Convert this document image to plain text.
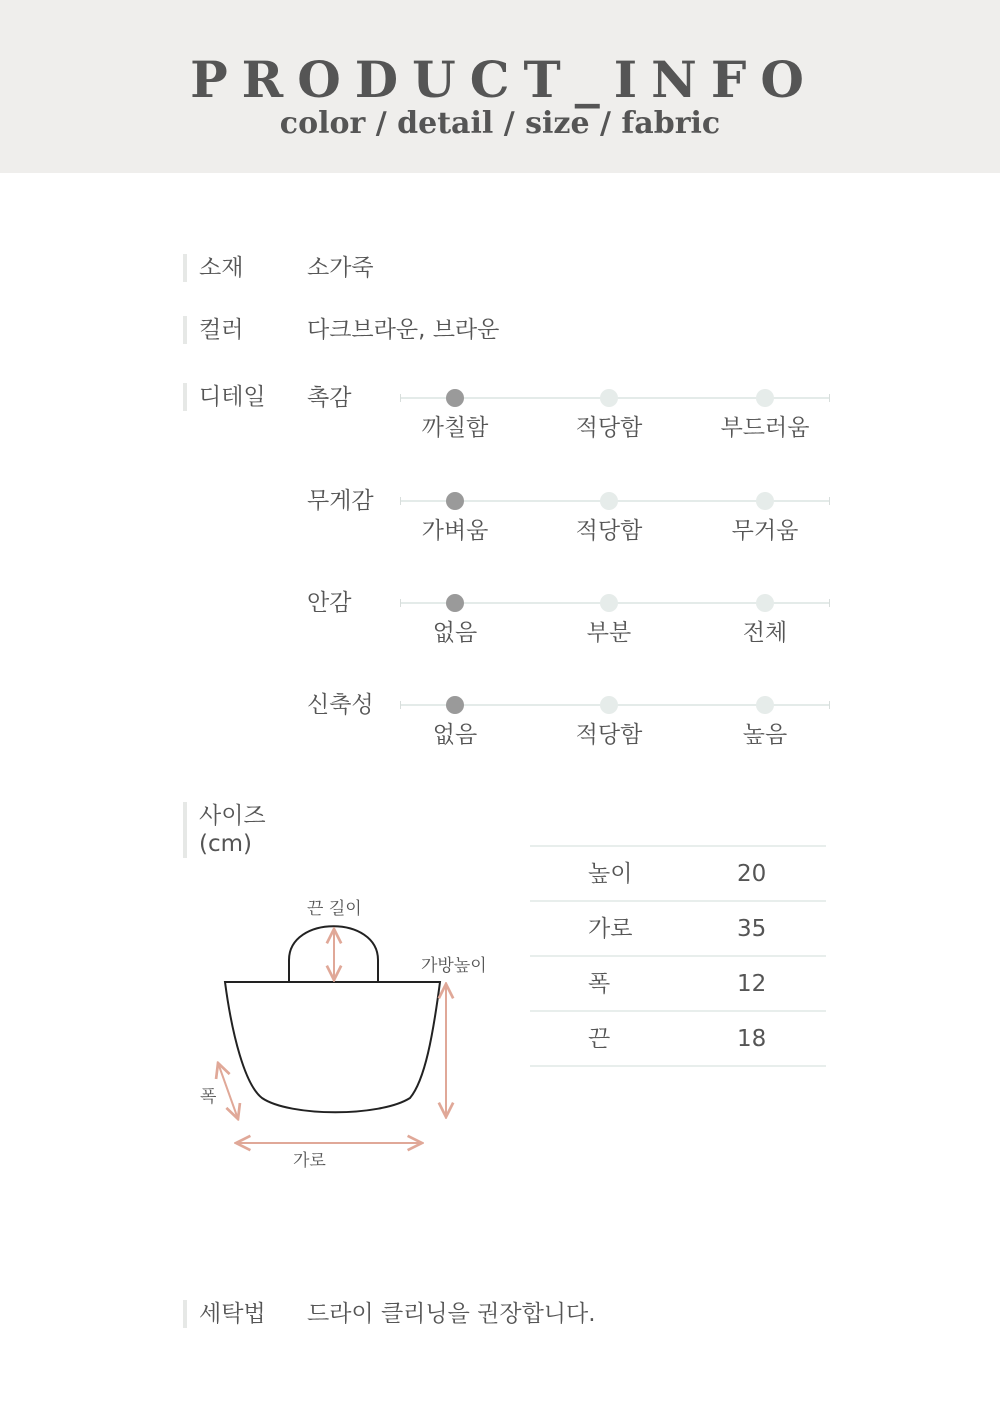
PRODUCT_INFO
color / detail / size / fabric
소재	소가죽
컬러	다크브라운, 브라운
디테일 촉감
까칠함	적당함	부드러움
무게감
가벼움	적당함	무거움
안감
없음	부분	전체
신축성
없음	적당함	높음
사이즈
(cm)
끈 길이
가방높이
폭
가로
높이	20
가로	35
폭	12
끈	18
세탁법 드라이 클리닝을 권장합니다.
